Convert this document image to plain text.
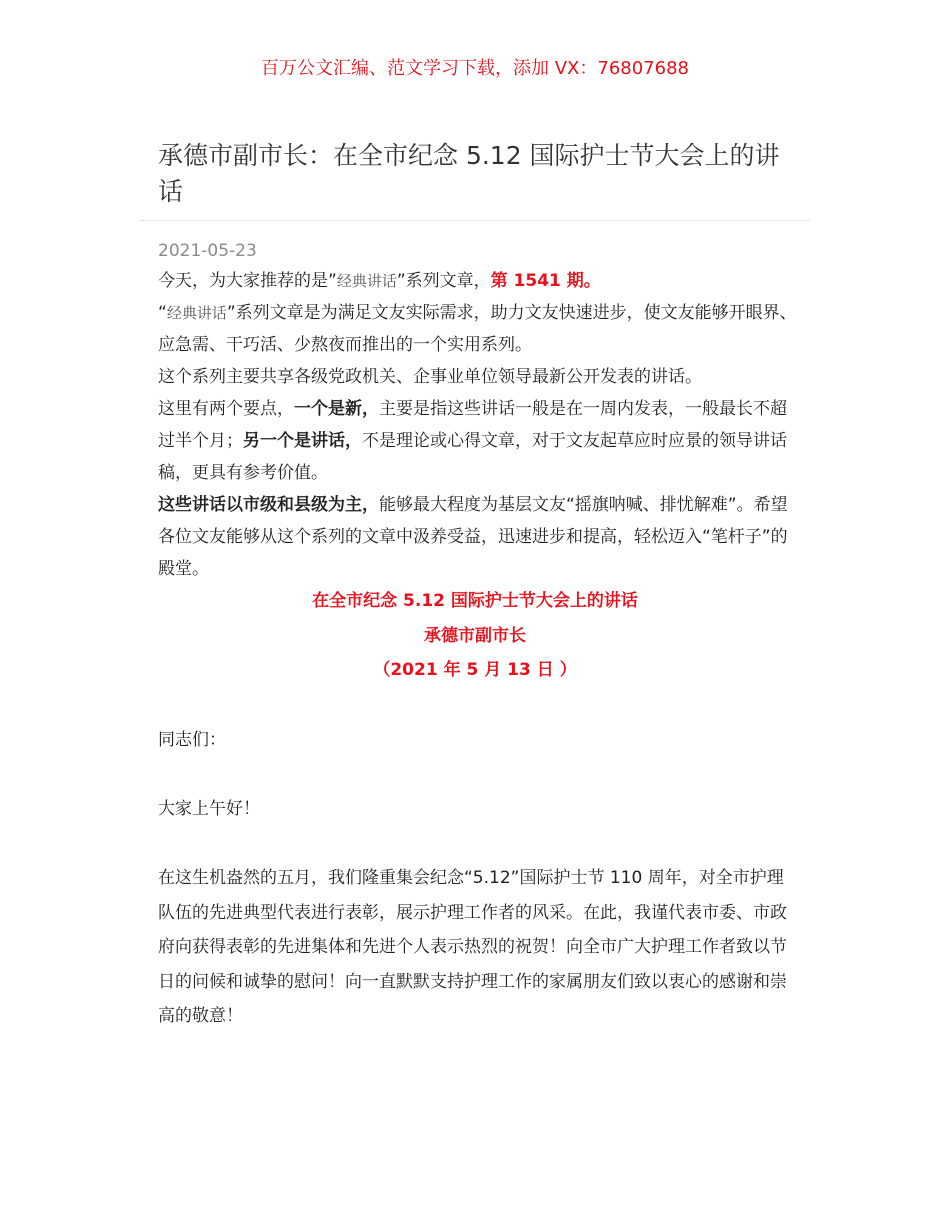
百万公文汇编、范文学习下载，添加 VX：76807688
承德市副市长：在全市纪念 5.12 国际护士节大会上的讲话
2021-05-23

今天，为大家推荐的是”经典讲话”系列文章，第 1541 期。

“经典讲话”系列文章是为满足文友实际需求，助力文友快速进步，使文友能够开眼界、应急需、干巧活、少熬夜而推出的一个实用系列。

这个系列主要共享各级党政机关、企事业单位领导最新公开发表的讲话。

这里有两个要点，一个是新，主要是指这些讲话一般是在一周内发表，一般最长不超过半个月；另一个是讲话，不是理论或心得文章，对于文友起草应时应景的领导讲话稿，更具有参考价值。

这些讲话以市级和县级为主，能够最大程度为基层文友“摇旗呐喊、排忧解难”。希望各位文友能够从这个系列的文章中汲养受益，迅速进步和提高，轻松迈入“笔杆子”的殿堂。

在全市纪念 5.12 国际护士节大会上的讲话
承德市副市长
（2021 年 5 月 13 日 ）
同志们：
大家上午好！
在这生机盎然的五月，我们隆重集会纪念“5.12”国际护士节 110 周年，对全市护理队伍的先进典型代表进行表彰，展示护理工作者的风采。在此，我谨代表市委、市政府向获得表彰的先进集体和先进个人表示热烈的祝贺！向全市广大护理工作者致以节日的问候和诚挚的慰问！向一直默默支持护理工作的家属朋友们致以衷心的感谢和崇高的敬意！
